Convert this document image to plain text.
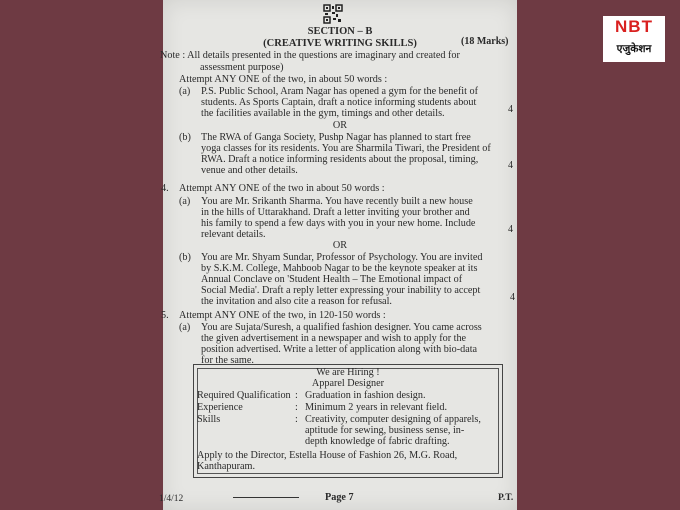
SECTION – B
(CREATIVE WRITING SKILLS)	(18 Marks)
Note : All details presented in the questions are imaginary and created for
assessment purpose)
Attempt ANY ONE of the two, in about 50 words :
(a) P.S. Public School, Aram Nagar has opened a gym for the benefit of
students. As Sports Captain, draft a notice informing students about
the facilities available in the gym, timings and other details.	4
OR
(b) The RWA of Ganga Society, Pushp Nagar has planned to start free
yoga classes for its residents. You are Sharmila Tiwari, the President of
RWA. Draft a notice informing residents about the proposal, timing,
venue and other details.	4
4. Attempt ANY ONE of the two in about 50 words :
(a) You are Mr. Srikanth Sharma. You have recently built a new house
in the hills of Uttarakhand. Draft a letter inviting your brother and
his family to spend a few days with you in your new home. Include
relevant details.	4
OR
(b) You are Mr. Shyam Sundar, Professor of Psychology. You are invited
by S.K.M. College, Mahboob Nagar to be the keynote speaker at its
Annual Conclave on 'Student Health – The Emotional impact of
Social Media'. Draft a reply letter expressing your inability to accept
the invitation and also cite a reason for refusal.	4
5. Attempt ANY ONE of the two, in 120-150 words :
(a) You are Sujata/Suresh, a qualified fashion designer. You came across
the given advertisement in a newspaper and wish to apply for the
position advertised. Write a letter of application along with bio-data
for the same.
We are Hiring !
Apparel Designer
Required Qualification : Graduation in fashion design.
Experience	: Minimum 2 years in relevant field.
Skills	: Creativity, computer designing of apparels,
aptitude for sewing, business sense, in-
depth knowledge of fabric drafting.
Apply to the Director, Estella House of Fashion 26, M.G. Road,
Kanthapuram.
1/4/12	Page 7	P.T.
NBT
एजुकेशन
